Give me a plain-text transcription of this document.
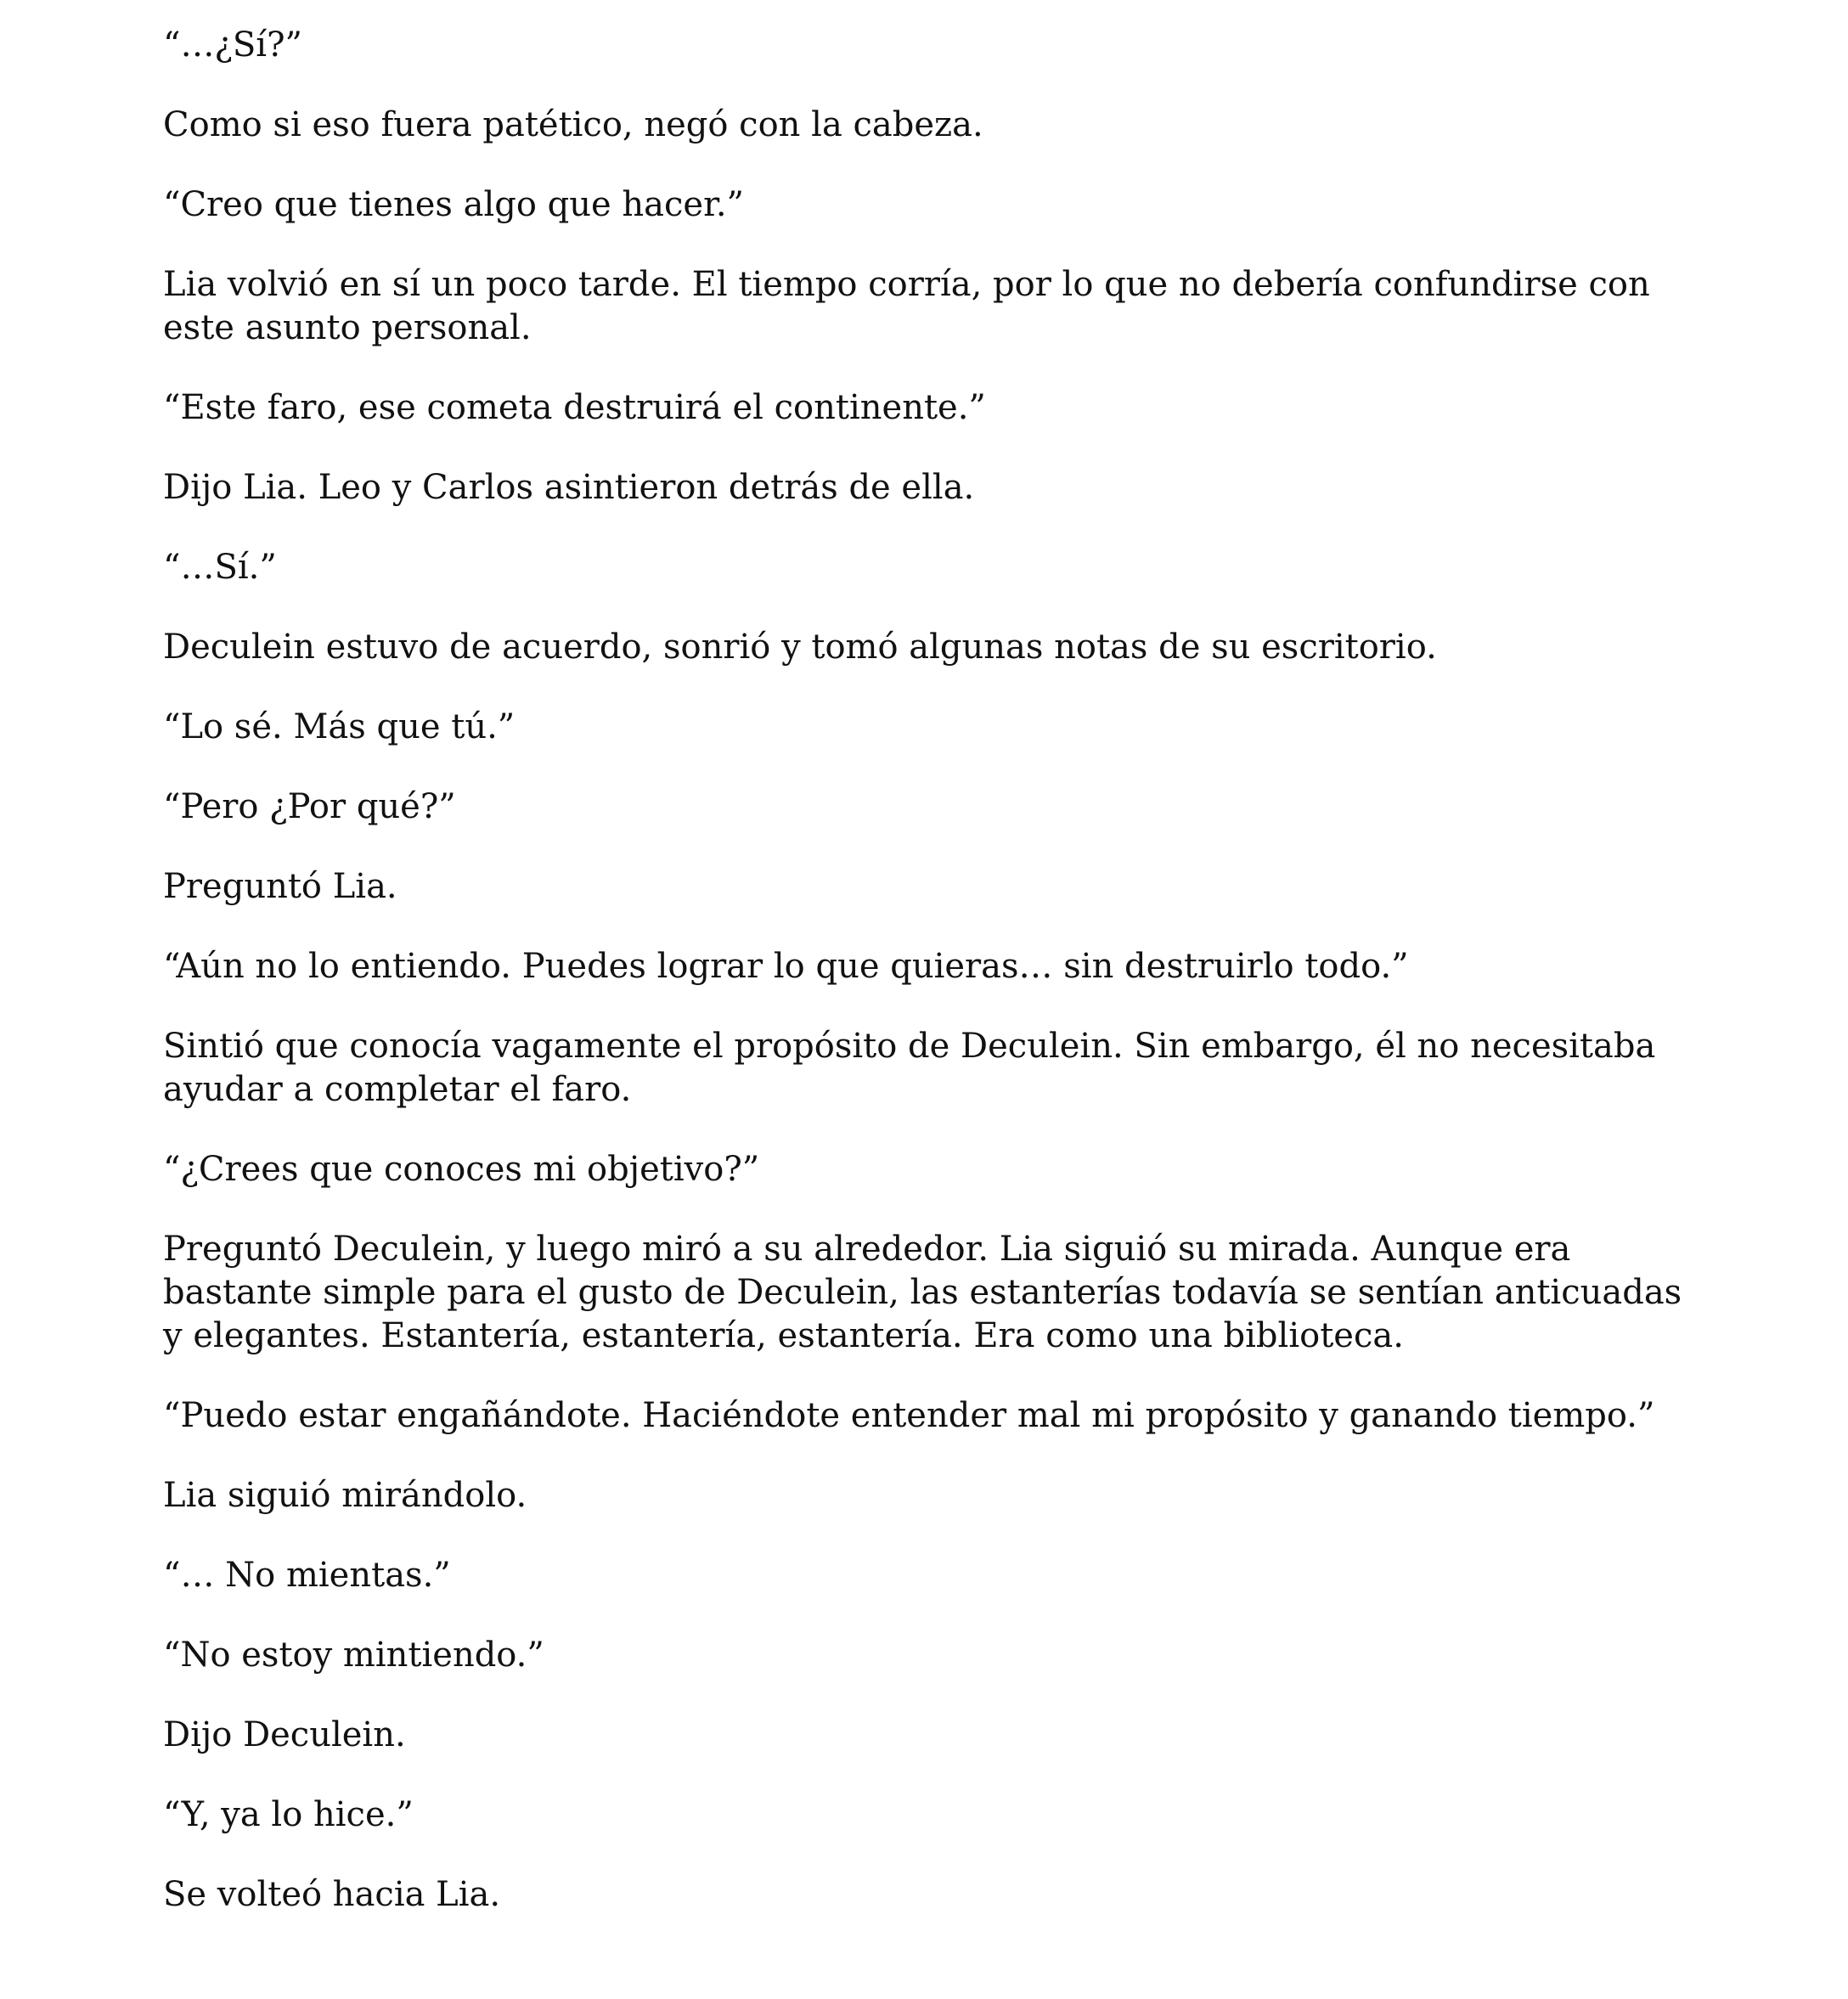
“…¿Sí?”

Como si eso fuera patético, negó con la cabeza.

“Creo que tienes algo que hacer.”

Lia volvió en sí un poco tarde. El tiempo corría, por lo que no debería confundirse con este asunto personal.

“Este faro, ese cometa destruirá el continente.”

Dijo Lia. Leo y Carlos asintieron detrás de ella.

“…Sí.”

Deculein estuvo de acuerdo, sonrió y tomó algunas notas de su escritorio.

“Lo sé. Más que tú.”

“Pero ¿Por qué?”

Preguntó Lia.

“Aún no lo entiendo. Puedes lograr lo que quieras… sin destruirlo todo.”

Sintió que conocía vagamente el propósito de Deculein. Sin embargo, él no necesitaba ayudar a completar el faro.

“¿Crees que conoces mi objetivo?”

Preguntó Deculein, y luego miró a su alrededor. Lia siguió su mirada. Aunque era bastante simple para el gusto de Deculein, las estanterías todavía se sentían anticuadas y elegantes. Estantería, estantería, estantería. Era como una biblioteca.

“Puedo estar engañándote. Haciéndote entender mal mi propósito y ganando tiempo.”

Lia siguió mirándolo.

“… No mientas.”

“No estoy mintiendo.”

Dijo Deculein.

“Y, ya lo hice.”

Se volteó hacia Lia.
